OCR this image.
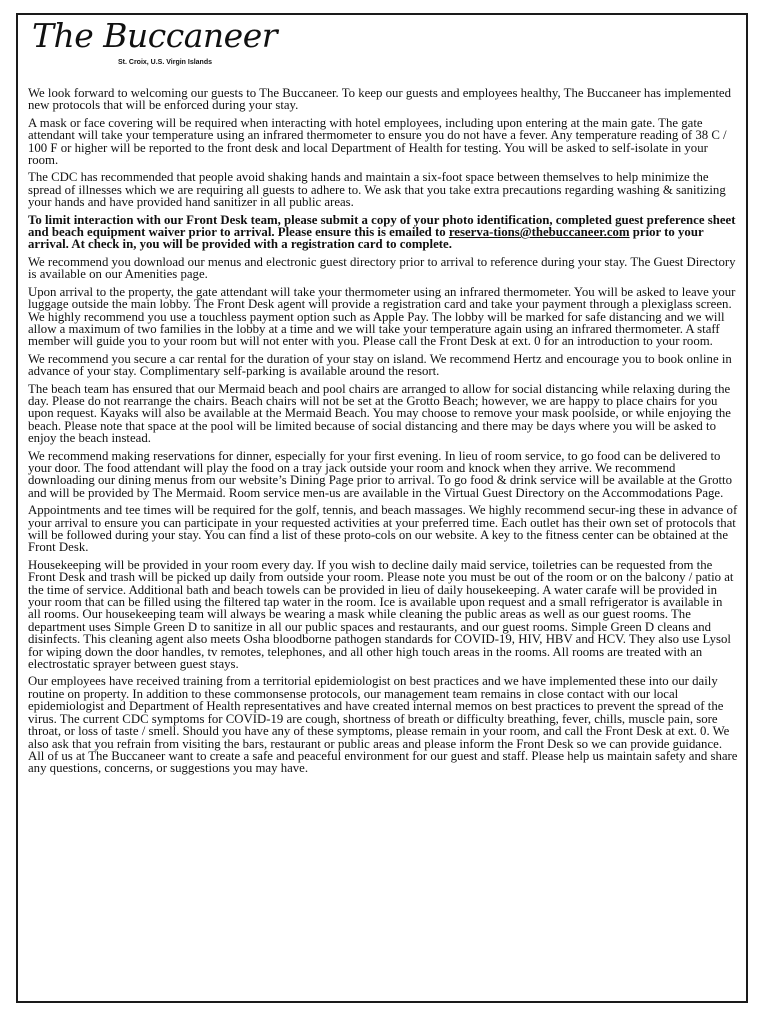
The Buccaneer
St. Croix, U.S. Virgin Islands

We look forward to welcoming our guests to The Buccaneer. To keep our guests and employees healthy, The Buccaneer has implemented new protocols that will be enforced during your stay.

A mask or face covering will be required when interacting with hotel employees, including upon entering at the main gate. The gate attendant will take your temperature using an infrared thermometer to ensure you do not have a fever. Any temperature reading of 38 C / 100 F or higher will be reported to the front desk and local Department of Health for testing. You will be asked to self-isolate in your room.

The CDC has recommended that people avoid shaking hands and maintain a six-foot space between themselves to help minimize the spread of illnesses which we are requiring all guests to adhere to. We ask that you take extra precautions regarding washing & sanitizing your hands and have provided hand sanitizer in all public areas.

To limit interaction with our Front Desk team, please submit a copy of your photo identification, completed guest preference sheet and beach equipment waiver prior to arrival. Please ensure this is emailed to reserva-tions@thebuccaneer.com prior to your arrival. At check in, you will be provided with a registration card to complete.

We recommend you download our menus and electronic guest directory prior to arrival to reference during your stay. The Guest Directory is available on our Amenities page.

Upon arrival to the property, the gate attendant will take your thermometer using an infrared thermometer. You will be asked to leave your luggage outside the main lobby. The Front Desk agent will provide a registration card and take your payment through a plexiglass screen. We highly recommend you use a touchless payment option such as Apple Pay. The lobby will be marked for safe distancing and we will allow a maximum of two families in the lobby at a time and we will take your temperature again using an infrared thermometer. A staff member will guide you to your room but will not enter with you. Please call the Front Desk at ext. 0 for an introduction to your room.

We recommend you secure a car rental for the duration of your stay on island. We recommend Hertz and encourage you to book online in advance of your stay. Complimentary self-parking is available around the resort.

The beach team has ensured that our Mermaid beach and pool chairs are arranged to allow for social distancing while relaxing during the day. Please do not rearrange the chairs. Beach chairs will not be set at the Grotto Beach; however, we are happy to place chairs for you upon request. Kayaks will also be available at the Mermaid Beach. You may choose to remove your mask poolside, or while enjoying the beach. Please note that space at the pool will be limited because of social distancing and there may be days where you will be asked to enjoy the beach instead.

We recommend making reservations for dinner, especially for your first evening. In lieu of room service, to go food can be delivered to your door. The food attendant will play the food on a tray jack outside your room and knock when they arrive. We recommend downloading our dining menus from our website’s Dining Page prior to arrival. To go food & drink service will be available at the Grotto and will be provided by The Mermaid. Room service men-us are available in the Virtual Guest Directory on the Accommodations Page.

Appointments and tee times will be required for the golf, tennis, and beach massages. We highly recommend secur-ing these in advance of your arrival to ensure you can participate in your requested activities at your preferred time. Each outlet has their own set of protocols that will be followed during your stay. You can find a list of these proto-cols on our website. A key to the fitness center can be obtained at the Front Desk.

Housekeeping will be provided in your room every day. If you wish to decline daily maid service, toiletries can be requested from the Front Desk and trash will be picked up daily from outside your room. Please note you must be out of the room or on the balcony / patio at the time of service. Additional bath and beach towels can be provided in lieu of daily housekeeping. A water carafe will be provided in your room that can be filled using the filtered tap water in the room. Ice is available upon request and a small refrigerator is available in all rooms. Our housekeeping team will always be wearing a mask while cleaning the public areas as well as our guest rooms. The department uses Simple Green D to sanitize in all our public spaces and restaurants, and our guest rooms. Simple Green D cleans and disinfects. This cleaning agent also meets Osha bloodborne pathogen standards for COVID-19, HIV, HBV and HCV. They also use Lysol for wiping down the door handles, tv remotes, telephones, and all other high touch areas in the rooms. All rooms are treated with an electrostatic sprayer between guest stays.

Our employees have received training from a territorial epidemiologist on best practices and we have implemented these into our daily routine on property. In addition to these commonsense protocols, our management team remains in close contact with our local epidemiologist and Department of Health representatives and have created internal memos on best practices to prevent the spread of the virus. The current CDC symptoms for COVID-19 are cough, shortness of breath or difficulty breathing, fever, chills, muscle pain, sore throat, or loss of taste / smell. Should you have any of these symptoms, please remain in your room, and call the Front Desk at ext. 0. We also ask that you refrain from visiting the bars, restaurant or public areas and please inform the Front Desk so we can provide guidance. All of us at The Buccaneer want to create a safe and peaceful environment for our guest and staff. Please help us maintain safety and share any questions, concerns, or suggestions you may have.
